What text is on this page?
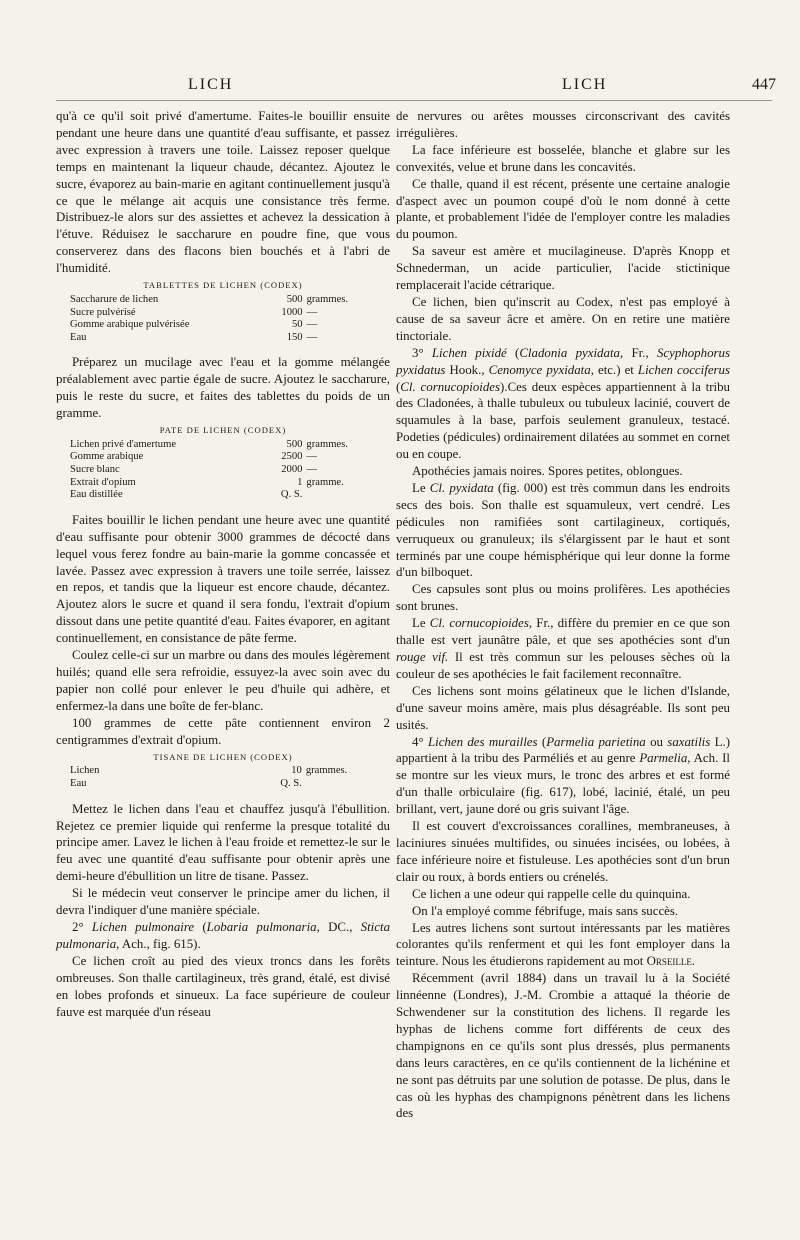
LICH	LICH	447

qu'à ce qu'il soit privé d'amertume. Faites-le bouillir ensuite pendant une heure dans une quantité d'eau suffisante, et passez avec expression à travers une toile. Laissez reposer quelque temps en maintenant la liqueur chaude, décantez. Ajoutez le sucre, évaporez au bain-marie en agitant continuellement jusqu'à ce que le mélange ait acquis une consistance très ferme. Distribuez-le alors sur des assiettes et achevez la dessication à l'étuve. Réduisez le saccharure en poudre fine, que vous conserverez dans des flacons bien bouchés et à l'abri de l'humidité.

TABLETTES DE LICHEN (CODEX)

Saccharure de lichen	500	grammes.
Sucre pulvérisé	1000	—
Gomme arabique pulvérisée	50	—
Eau	150	—

Préparez un mucilage avec l'eau et la gomme mélangée préalablement avec partie égale de sucre. Ajoutez le saccharure, puis le reste du sucre, et faites des tablettes du poids de un gramme.

PATE DE LICHEN (CODEX)

Lichen privé d'amertume	500	grammes.
Gomme arabique	2500	—
Sucre blanc	2000	—
Extrait d'opium	1	gramme.
Eau distillée	Q. S.	

Faites bouillir le lichen pendant une heure avec une quantité d'eau suffisante pour obtenir 3000 grammes de décocté dans lequel vous ferez fondre au bain-marie la gomme concassée et lavée. Passez avec expression à travers une toile serrée, laissez en repos, et tandis que la liqueur est encore chaude, décantez. Ajoutez alors le sucre et quand il sera fondu, l'extrait d'opium dissout dans une petite quantité d'eau. Faites évaporer, en agitant continuellement, en consistance de pâte ferme.

Coulez celle-ci sur un marbre ou dans des moules légèrement huilés; quand elle sera refroidie, essuyez-la avec soin avec du papier non collé pour enlever le peu d'huile qui adhère, et enfermez-la dans une boîte de fer-blanc.

100 grammes de cette pâte contiennent environ 2 centigrammes d'extrait d'opium.

TISANE DE LICHEN (CODEX)

Lichen	10	grammes.
Eau	Q. S.	

Mettez le lichen dans l'eau et chauffez jusqu'à l'ébullition. Rejetez ce premier liquide qui renferme la presque totalité du principe amer. Lavez le lichen à l'eau froide et remettez-le sur le feu avec une quantité d'eau suffisante pour obtenir après une demi-heure d'ébullition un litre de tisane. Passez.

Si le médecin veut conserver le principe amer du lichen, il devra l'indiquer d'une manière spéciale.

2° Lichen pulmonaire (Lobaria pulmonaria, DC., Sticta pulmonaria, Ach., fig. 615).

Ce lichen croît au pied des vieux troncs dans les forêts ombreuses. Son thalle cartilagineux, très grand, étalé, est divisé en lobes profonds et sinueux. La face supérieure de couleur fauve est marquée d'un réseau

de nervures ou arêtes mousses circonscrivant des cavités irrégulières.

La face inférieure est bosselée, blanche et glabre sur les convexités, velue et brune dans les concavités.

Ce thalle, quand il est récent, présente une certaine analogie d'aspect avec un poumon coupé d'où le nom donné à cette plante, et probablement l'idée de l'employer contre les maladies du poumon.

Sa saveur est amère et mucilagineuse. D'après Knopp et Schnederman, un acide particulier, l'acide stictinique remplacerait l'acide cétrarique.

Ce lichen, bien qu'inscrit au Codex, n'est pas employé à cause de sa saveur âcre et amère. On en retire une matière tinctoriale.

3° Lichen pixidé (Cladonia pyxidata, Fr., Scyphophorus pyxidatus Hook., Cenomyce pyxidata, etc.) et Lichen cocciferus (Cl. cornucopioides).Ces deux espèces appartiennent à la tribu des Cladonées, à thalle tubuleux ou tubuleux lacinié, couvert de squamules à la base, parfois seulement granuleux, testacé. Podeties (pédicules) ordinairement dilatées au sommet en cornet ou en coupe.

Apothécies jamais noires. Spores petites, oblongues.

Le Cl. pyxidata (fig. 000) est très commun dans les endroits secs des bois. Son thalle est squamuleux, vert cendré. Les pédicules non ramifiées sont cartilagineux, cortiqués, verruqueux ou granuleux; ils s'élargissent par le haut et sont terminés par une coupe hémisphérique qui leur donne la forme d'un bilboquet.

Ces capsules sont plus ou moins prolifères. Les apothécies sont brunes.

Le Cl. cornucopioides, Fr., diffère du premier en ce que son thalle est vert jaunâtre pâle, et que ses apothécies sont d'un rouge vif. Il est très commun sur les pelouses sèches où la couleur de ses apothécies le fait facilement reconnaître.

Ces lichens sont moins gélatineux que le lichen d'Islande, d'une saveur moins amère, mais plus désagréable. Ils sont peu usités.

4° Lichen des murailles (Parmelia parietina ou saxatilis L.) appartient à la tribu des Parméliés et au genre Parmelia, Ach. Il se montre sur les vieux murs, le tronc des arbres et est formé d'un thalle orbiculaire (fig. 617), lobé, lacinié, étalé, un peu brillant, vert, jaune doré ou gris suivant l'âge.

Il est couvert d'excroissances corallines, membraneuses, à laciniures sinuées multifides, ou sinuées incisées, ou lobées, à face inférieure noire et fistuleuse. Les apothécies sont d'un brun clair ou roux, à bords entiers ou crénelés.

Ce lichen a une odeur qui rappelle celle du quinquina.

On l'a employé comme fébrifuge, mais sans succès.

Les autres lichens sont surtout intéressants par les matières colorantes qu'ils renferment et qui les font employer dans la teinture. Nous les étudierons rapidement au mot Orseille.

Récemment (avril 1884) dans un travail lu à la Société linnéenne (Londres), J.-M. Crombie a attaqué la théorie de Schwendener sur la constitution des lichens. Il regarde les hyphas de lichens comme fort différents de ceux des champignons en ce qu'ils sont plus dressés, plus permanents dans leurs caractères, en ce qu'ils contiennent de la lichénine et ne sont pas détruits par une solution de potasse. De plus, dans le cas où les hyphas des champignons pénètrent dans les lichens des
